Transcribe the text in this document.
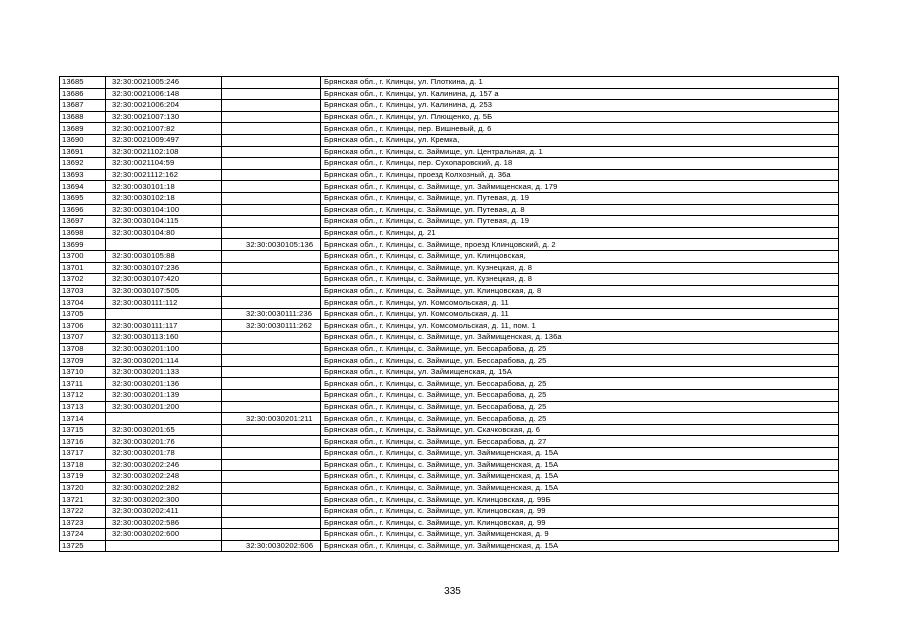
13685	32:30:0021005:246		Брянская обл., г. Клинцы, ул. Плоткина, д. 1
13686	32:30:0021006:148		Брянская обл., г. Клинцы, ул. Калинина, д. 157 а
13687	32:30:0021006:204		Брянская обл., г. Клинцы, ул. Калинина, д. 253
13688	32:30:0021007:130		Брянская обл., г. Клинцы, ул. Плющенко, д. 5Б
13689	32:30:0021007:82		Брянская обл., г. Клинцы, пер. Вишневый, д. 6
13690	32:30:0021009:497		Брянская обл., г. Клинцы, ул. Кремка,
13691	32:30:0021102:108		Брянская обл., г. Клинцы, с. Займище, ул. Центральная, д. 1
13692	32:30:0021104:59		Брянская обл., г. Клинцы, пер. Сухопаровский, д. 18
13693	32:30:0021112:162		Брянская обл., г. Клинцы, проезд Колхозный, д. 36а
13694	32:30:0030101:18		Брянская обл., г. Клинцы, с. Займище, ул. Займищенская, д. 179
13695	32:30:0030102:18		Брянская обл., г. Клинцы, с. Займище, ул. Путевая, д. 19
13696	32:30:0030104:100		Брянская обл., г. Клинцы, с. Займище, ул. Путевая, д. 8
13697	32:30:0030104:115		Брянская обл., г. Клинцы, с. Займище, ул. Путевая, д. 19
13698	32:30:0030104:80		Брянская обл., г. Клинцы, д. 21
13699		32:30:0030105:136	Брянская обл., г. Клинцы, с. Займище, проезд Клинцовский, д. 2
13700	32:30:0030105:88		Брянская обл., г. Клинцы, с. Займище, ул. Клинцовская,
13701	32:30:0030107:236		Брянская обл., г. Клинцы, с. Займище, ул. Кузнецкая, д. 8
13702	32:30:0030107:420		Брянская обл., г. Клинцы, с. Займище, ул. Кузнецкая, д. 8
13703	32:30:0030107:505		Брянская обл., г. Клинцы, с. Займище, ул. Клинцовская, д. 8
13704	32:30:0030111:112		Брянская обл., г. Клинцы, ул. Комсомольская, д. 11
13705		32:30:0030111:236	Брянская обл., г. Клинцы, ул. Комсомольская, д. 11
13706	32:30:0030111:117	32:30:0030111:262	Брянская обл., г. Клинцы, ул. Комсомольская, д. 11, пом. 1
13707	32:30:0030113:160		Брянская обл., г. Клинцы, с. Займище, ул. Займищенская, д. 136а
13708	32:30:0030201:100		Брянская обл., г. Клинцы, с. Займище, ул. Бессарабова, д. 25
13709	32:30:0030201:114		Брянская обл., г. Клинцы, с. Займище, ул. Бессарабова, д. 25
13710	32:30:0030201:133		Брянская обл., г. Клинцы, ул. Займищенская, д. 15А
13711	32:30:0030201:136		Брянская обл., г. Клинцы, с. Займище, ул. Бессарабова, д. 25
13712	32:30:0030201:139		Брянская обл., г. Клинцы, с. Займище, ул. Бессарабова, д. 25
13713	32:30:0030201:200		Брянская обл., г. Клинцы, с. Займище, ул. Бессарабова, д. 25
13714		32:30:0030201:211	Брянская обл., г. Клинцы, с. Займище, ул. Бессарабова, д. 25
13715	32:30:0030201:65		Брянская обл., г. Клинцы, с. Займище, ул. Скачковская, д. 6
13716	32:30:0030201:76		Брянская обл., г. Клинцы, с. Займище, ул. Бессарабова, д. 27
13717	32:30:0030201:78		Брянская обл., г. Клинцы, с. Займище, ул. Займищенская, д. 15А
13718	32:30:0030202:246		Брянская обл., г. Клинцы, с. Займище, ул. Займищенская, д. 15А
13719	32:30:0030202:248		Брянская обл., г. Клинцы, с. Займище, ул. Займищенская, д. 15А
13720	32:30:0030202:282		Брянская обл., г. Клинцы, с. Займище, ул. Займищенская, д. 15А
13721	32:30:0030202:300		Брянская обл., г. Клинцы, с. Займище, ул. Клинцовская, д. 99Б
13722	32:30:0030202:411		Брянская обл., г. Клинцы, с. Займище, ул. Клинцовская, д. 99
13723	32:30:0030202:586		Брянская обл., г. Клинцы, с. Займище, ул. Клинцовская, д. 99
13724	32:30:0030202:600		Брянская обл., г. Клинцы, с. Займище, ул. Займищенская, д. 9
13725		32:30:0030202:606	Брянская обл., г. Клинцы, с. Займище, ул. Займищенская, д. 15А
335
